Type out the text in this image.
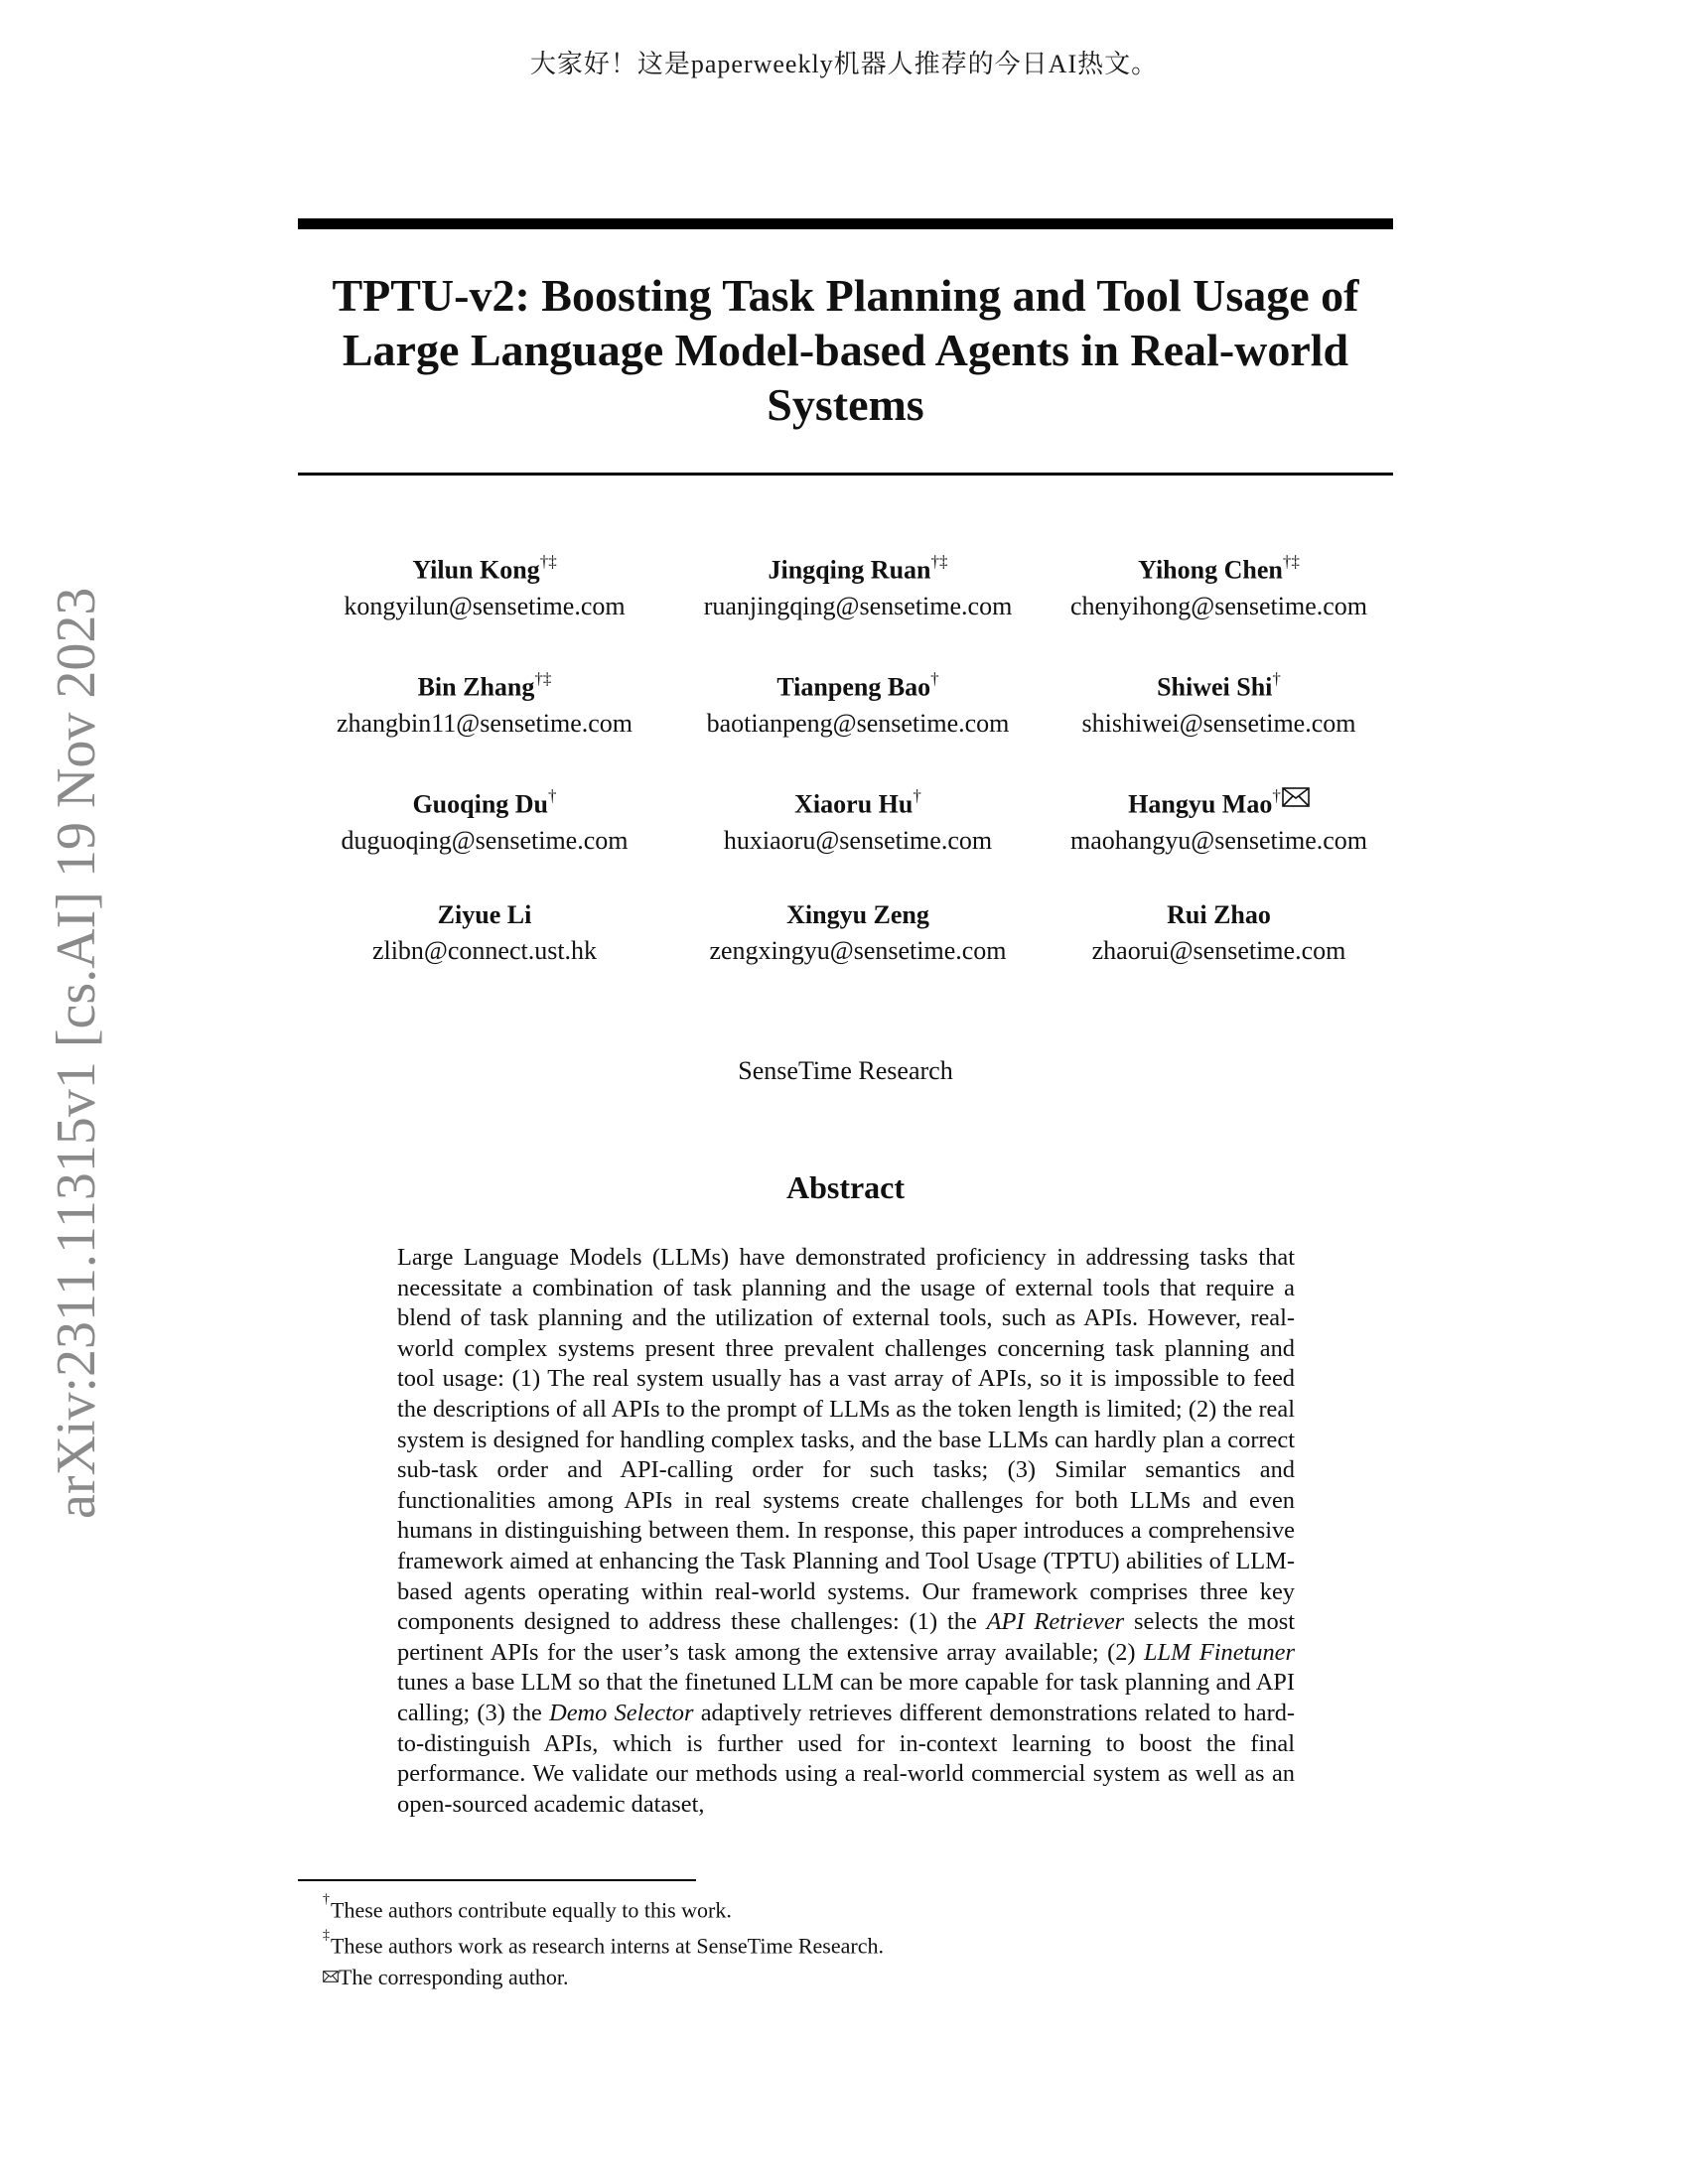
大家好！这是paperweekly机器人推荐的今日AI热文。
arXiv:2311.11315v1 [cs.AI] 19 Nov 2023
TPTU-v2: Boosting Task Planning and Tool Usage of
Large Language Model-based Agents in Real-world
Systems
Yilun Kong†‡
kongyilun@sensetime.com
Jingqing Ruan†‡
ruanjingqing@sensetime.com
Yihong Chen†‡
chenyihong@sensetime.com
Bin Zhang†‡
zhangbin11@sensetime.com
Tianpeng Bao†
baotianpeng@sensetime.com
Shiwei Shi†
shishiwei@sensetime.com
Guoqing Du†
duguoqing@sensetime.com
Xiaoru Hu†
huxiaoru@sensetime.com
Hangyu Mao†
maohangyu@sensetime.com
Ziyue Li
zlibn@connect.ust.hk
Xingyu Zeng
zengxingyu@sensetime.com
Rui Zhao
zhaorui@sensetime.com
SenseTime Research
Abstract

Large Language Models (LLMs) have demonstrated proficiency in addressing tasks that necessitate a combination of task planning and the usage of external tools that require a blend of task planning and the utilization of external tools, such as APIs. However, real-world complex systems present three prevalent challenges concerning task planning and tool usage: (1) The real system usually has a vast array of APIs, so it is impossible to feed the descriptions of all APIs to the prompt of LLMs as the token length is limited; (2) the real system is designed for handling complex tasks, and the base LLMs can hardly plan a correct sub-task order and API-calling order for such tasks; (3) Similar semantics and functionalities among APIs in real systems create challenges for both LLMs and even humans in distinguishing between them. In response, this paper introduces a comprehensive framework aimed at enhancing the Task Planning and Tool Usage (TPTU) abilities of LLM-based agents operating within real-world systems. Our framework comprises three key components designed to address these challenges: (1) the API Retriever selects the most pertinent APIs for the user’s task among the extensive array available; (2) LLM Finetuner tunes a base LLM so that the finetuned LLM can be more capable for task planning and API calling; (3) the Demo Selector adaptively retrieves different demonstrations related to hard-to-distinguish APIs, which is further used for in-context learning to boost the final performance. We validate our methods using a real-world commercial system as well as an open-sourced academic dataset,

†These authors contribute equally to this work.
‡These authors work as research interns at SenseTime Research.
The corresponding author.
